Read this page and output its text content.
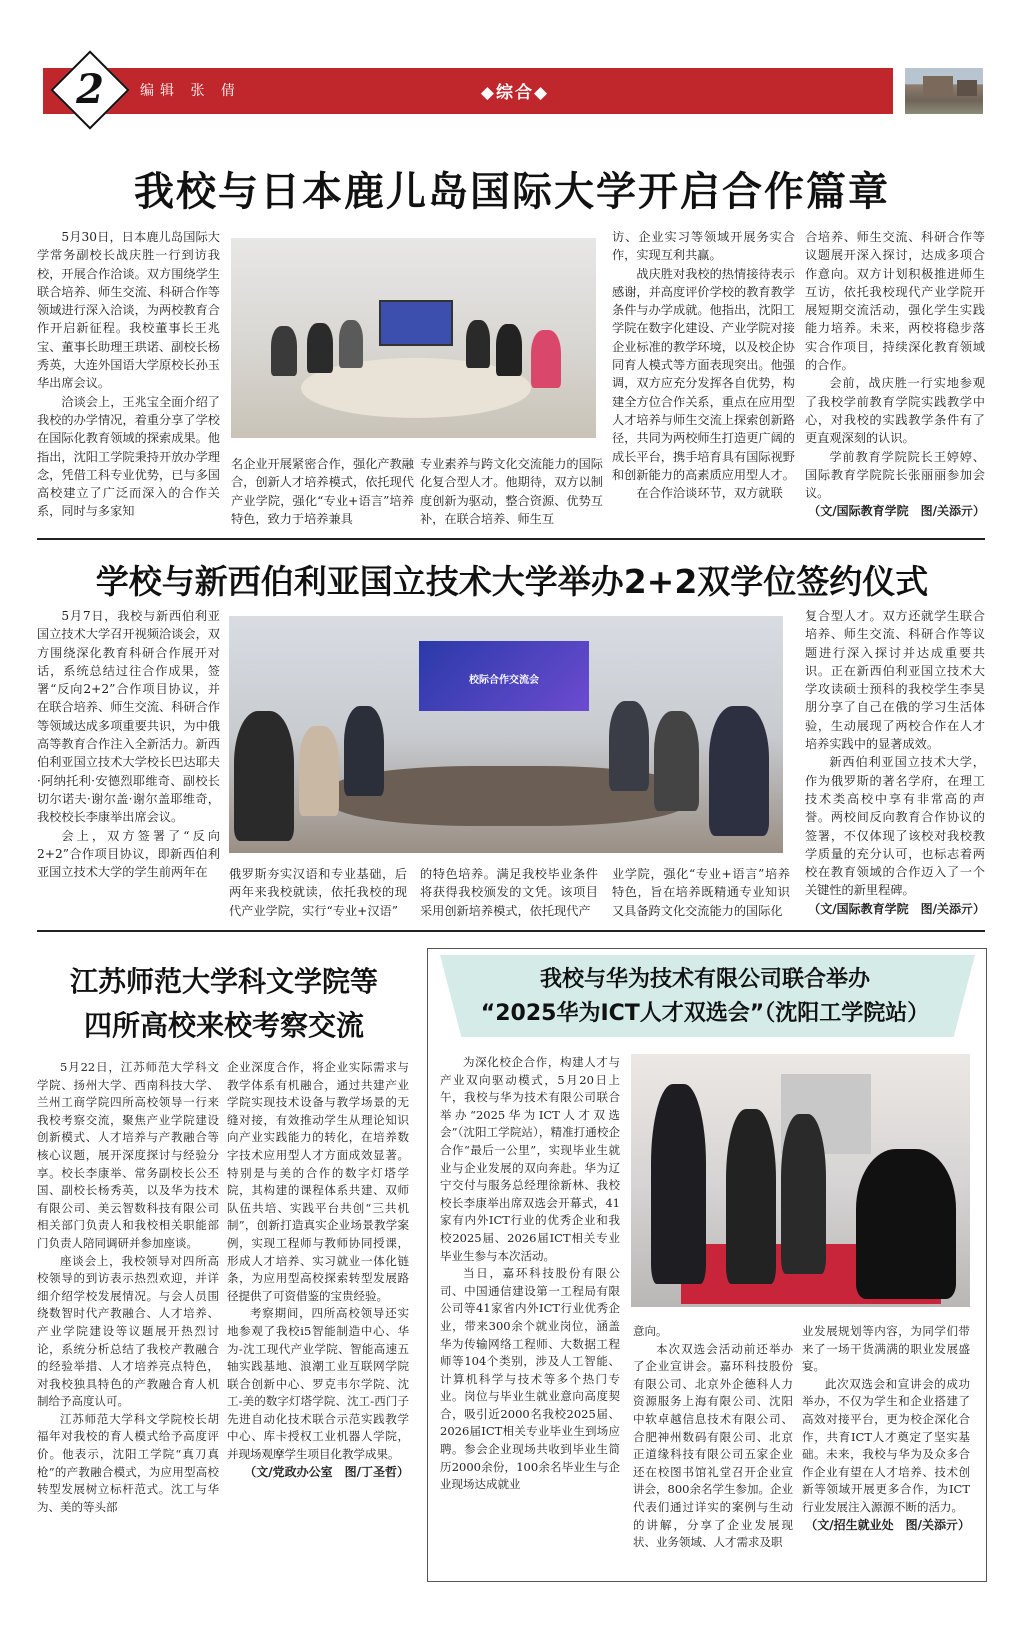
2	编辑 张 倩	◆综合◆
我校与日本鹿儿岛国际大学开启合作篇章

5月30日，日本鹿儿岛国际大学常务副校长战庆胜一行到访我校，开展合作洽谈。双方围绕学生联合培养、师生交流、科研合作等领域进行深入洽谈，为两校教育合作开启新征程。我校董事长王兆宝、董事长助理王珙诺、副校长杨秀英，大连外国语大学原校长孙玉华出席会议。

洽谈会上，王兆宝全面介绍了我校的办学情况，着重分享了学校在国际化教育领域的探索成果。他指出，沈阳工学院秉持开放办学理念，凭借工科专业优势，已与多国高校建立了广泛而深入的合作关系，同时与多家知

名企业开展紧密合作，强化产教融合，创新人才培养模式，依托现代产业学院，强化“专业+语言”培养特色，致力于培养兼具

专业素养与跨文化交流能力的国际化复合型人才。他期待，双方以制度创新为驱动，整合资源、优势互补，在联合培养、师生互

访、企业实习等领域开展务实合作，实现互利共赢。

战庆胜对我校的热情接待表示感谢，并高度评价学校的教育教学条件与办学成就。他指出，沈阳工学院在数字化建设、产业学院对接企业标准的教学环境，以及校企协同育人模式等方面表现突出。他强调，双方应充分发挥各自优势，构建全方位合作关系，重点在应用型人才培养与师生交流上探索创新路径，共同为两校师生打造更广阔的成长平台，携手培育具有国际视野和创新能力的高素质应用型人才。

在合作洽谈环节，双方就联

合培养、师生交流、科研合作等议题展开深入探讨，达成多项合作意向。双方计划积极推进师生互访，依托我校现代产业学院开展短期交流活动，强化学生实践能力培养。未来，两校将稳步落实合作项目，持续深化教育领域的合作。

会前，战庆胜一行实地参观了我校学前教育学院实践教学中心，对我校的实践教学条件有了更直观深刻的认识。

学前教育学院院长王婷婷、国际教育学院院长张丽丽参加会议。

（文/国际教育学院　图/关添亓）
学校与新西伯利亚国立技术大学举办2+2双学位签约仪式

5月7日，我校与新西伯利亚国立技术大学召开视频洽谈会，双方围绕深化教育科研合作展开对话，系统总结过往合作成果，签署“反向2+2”合作项目协议，并在联合培养、师生交流、科研合作等领域达成多项重要共识，为中俄高等教育合作注入全新活力。新西伯利亚国立技术大学校长巴达耶夫·阿纳托利·安德烈耶维奇、副校长切尔诺夫·谢尔盖·谢尔盖耶维奇，我校校长李康举出席会议。

会上，双方签署了“反向2+2”合作项目协议，即新西伯利亚国立技术大学的学生前两年在

校际合作交流会

俄罗斯夯实汉语和专业基础，后两年来我校就读，依托我校的现代产业学院，实行“专业+汉语”

的特色培养。满足我校毕业条件将获得我校颁发的文凭。该项目采用创新培养模式，依托现代产

业学院，强化“专业+语言”培养特色，旨在培养既精通专业知识又具备跨文化交流能力的国际化

复合型人才。双方还就学生联合培养、师生交流、科研合作等议题进行深入探讨并达成重要共识。正在新西伯利亚国立技术大学攻读硕士预科的我校学生李昊朋分享了自己在俄的学习生活体验，生动展现了两校合作在人才培养实践中的显著成效。

新西伯利亚国立技术大学，作为俄罗斯的著名学府，在理工技术类高校中享有非常高的声誉。两校间反向教育合作协议的签署，不仅体现了该校对我校教学质量的充分认可，也标志着两校在教育领域的合作迈入了一个关键性的新里程碑。

（文/国际教育学院　图/关添亓）
江苏师范大学科文学院等
四所高校来校考察交流

5月22日，江苏师范大学科文学院、扬州大学、西南科技大学、兰州工商学院四所高校领导一行来我校考察交流，聚焦产业学院建设创新模式、人才培养与产教融合等核心议题，展开深度探讨与经验分享。校长李康举、常务副校长公丕国、副校长杨秀英，以及华为技术有限公司、美云智数科技有限公司相关部门负责人和我校相关职能部门负责人陪同调研并参加座谈。

座谈会上，我校领导对四所高校领导的到访表示热烈欢迎，并详细介绍学校发展情况。与会人员围绕数智时代产教融合、人才培养、产业学院建设等议题展开热烈讨论，系统分析总结了我校产教融合的经验举措、人才培养亮点特色，对我校独具特色的产教融合育人机制给予高度认可。

江苏师范大学科文学院校长胡福年对我校的育人模式给予高度评价。他表示，沈阳工学院“真刀真枪”的产教融合模式，为应用型高校转型发展树立标杆范式。沈工与华为、美的等头部

企业深度合作，将企业实际需求与教学体系有机融合，通过共建产业学院实现技术设备与教学场景的无缝对接，有效推动学生从理论知识向产业实践能力的转化，在培养数字技术应用型人才方面成效显著。特别是与美的合作的数字灯塔学院，其构建的课程体系共建、双师队伍共培、实践平台共创“三共机制”，创新打造真实企业场景教学案例，实现工程师与教师协同授课，形成人才培养、实习就业一体化链条，为应用型高校探索转型发展路径提供了可资借鉴的宝贵经验。

考察期间，四所高校领导还实地参观了我校i5智能制造中心、华为-沈工现代产业学院、智能高速五轴实践基地、浪潮工业互联网学院联合创新中心、罗克韦尔学院、沈工-美的数字灯塔学院、沈工-西门子先进自动化技术联合示范实践教学中心、库卡授权工业机器人学院，并现场观摩学生项目化教学成果。

（文/党政办公室　图/丁圣哲）
我校与华为技术有限公司联合举办
“2025华为ICT人才双选会”（沈阳工学院站）

为深化校企合作，构建人才与产业双向驱动模式，5月20日上午，我校与华为技术有限公司联合举办“2025华为ICT人才双选会”（沈阳工学院站），精准打通校企合作“最后一公里”，实现毕业生就业与企业发展的双向奔赴。华为辽宁交付与服务总经理徐新林、我校校长李康举出席双选会开幕式，41家有内外ICT行业的优秀企业和我校2025届、2026届ICT相关专业毕业生参与本次活动。

当日，嘉环科技股份有限公司、中国通信建设第一工程局有限公司等41家省内外ICT行业优秀企业，带来300余个就业岗位，涵盖华为传输网络工程师、大数据工程师等104个类别，涉及人工智能、计算机科学与技术等多个热门专业。岗位与毕业生就业意向高度契合，吸引近2000名我校2025届、2026届ICT相关专业毕业生到场应聘。参会企业现场共收到毕业生简历2000余份，100余名毕业生与企业现场达成就业

意向。

本次双选会活动前还举办了企业宣讲会。嘉环科技股份有限公司、北京外企德科人力资源服务上海有限公司、沈阳中软卓越信息技术有限公司、合肥神州数码有限公司、北京正道缘科技有限公司五家企业还在校图书馆礼堂召开企业宣讲会，800余名学生参加。企业代表们通过详实的案例与生动的讲解，分享了企业发展现状、业务领域、人才需求及职

业发展规划等内容，为同学们带来了一场干货满满的职业发展盛宴。

此次双选会和宣讲会的成功举办，不仅为学生和企业搭建了高效对接平台，更为校企深化合作，共育ICT人才奠定了坚实基础。未来，我校与华为及众多合作企业有望在人才培养、技术创新等领域开展更多合作，为ICT行业发展注入源源不断的活力。

（文/招生就业处　图/关添亓）
